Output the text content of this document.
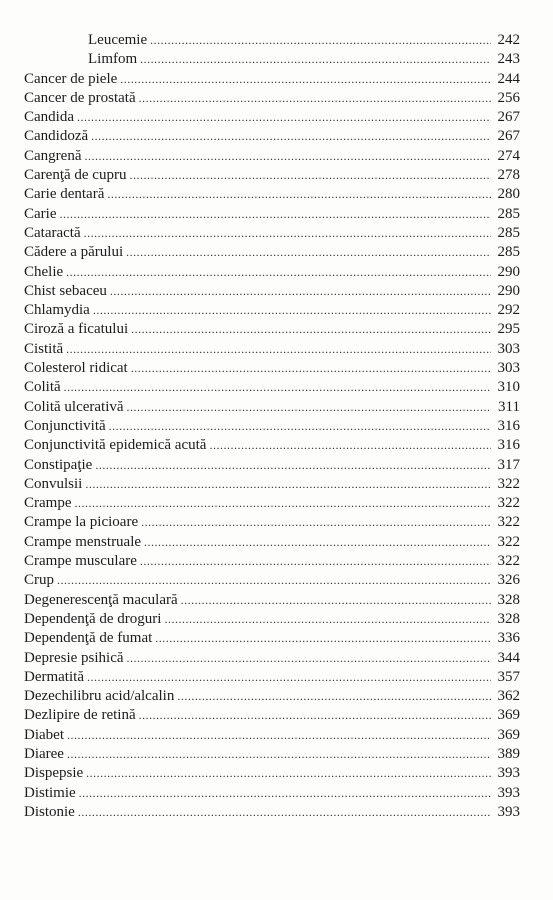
Leucemie .....	242
Limfom .....	243
Cancer de piele .....	244
Cancer de prostată .....	256
Candida .....	267
Candidoză .....	267
Cangrenă .....	274
Carenţă de cupru .....	278
Carie dentară .....	280
Carie .....	285
Cataractă .....	285
Cădere a părului .....	285
Chelie .....	290
Chist sebaceu .....	290
Chlamydia .....	292
Ciroză a ficatului .....	295
Cistită .....	303
Colesterol ridicat .....	303
Colită .....	310
Colită ulcerativă .....	311
Conjunctivită .....	316
Conjunctivită epidemică acută .....	316
Constipaţie .....	317
Convulsii .....	322
Crampe .....	322
Crampe la picioare .....	322
Crampe menstruale .....	322
Crampe musculare .....	322
Crup .....	326
Degenerescenţă maculară .....	328
Dependenţă de droguri .....	328
Dependenţă de fumat .....	336
Depresie psihică .....	344
Dermatită .....	357
Dezechilibru acid/alcalin .....	362
Dezlipire de retină .....	369
Diabet .....	369
Diaree .....	389
Dispepsie .....	393
Distimie .....	393
Distonie .....	393
